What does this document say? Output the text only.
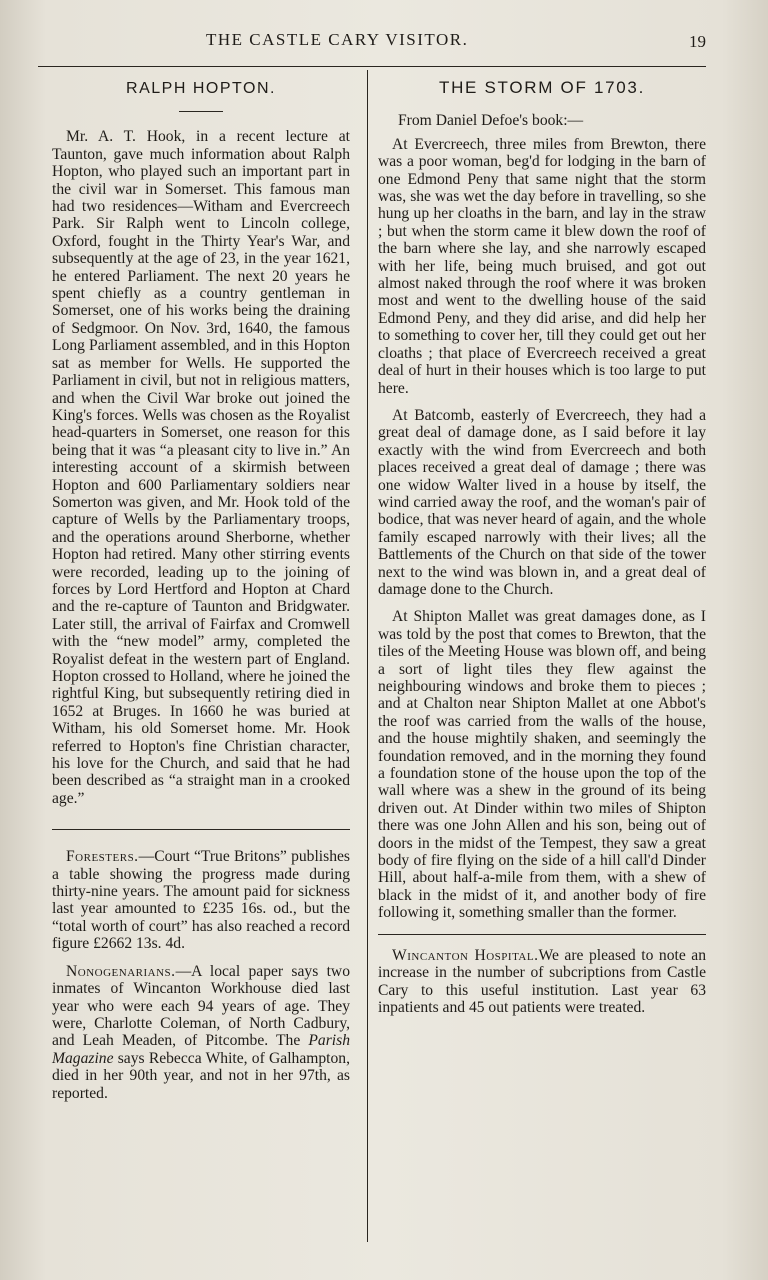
THE CASTLE CARY VISITOR.	19
RALPH HOPTON.

Mr. A. T. Hook, in a recent lecture at Taunton, gave much information about Ralph Hopton, who played such an important part in the civil war in Somerset. This famous man had two residences—Witham and Evercreech Park. Sir Ralph went to Lincoln college, Oxford, fought in the Thirty Year's War, and subsequently at the age of 23, in the year 1621, he entered Parliament. The next 20 years he spent chiefly as a country gentleman in Somerset, one of his works being the draining of Sedgmoor. On Nov. 3rd, 1640, the famous Long Parliament assembled, and in this Hopton sat as member for Wells. He supported the Parliament in civil, but not in religious matters, and when the Civil War broke out joined the King's forces. Wells was chosen as the Royalist head-quarters in Somerset, one reason for this being that it was “a pleasant city to live in.” An interesting account of a skirmish between Hopton and 600 Parliamentary soldiers near Somerton was given, and Mr. Hook told of the capture of Wells by the Parliamentary troops, and the operations around Sherborne, whether Hopton had retired. Many other stirring events were recorded, leading up to the joining of forces by Lord Hertford and Hopton at Chard and the re-capture of Taunton and Bridgwater. Later still, the arrival of Fairfax and Cromwell with the “new model” army, completed the Royalist defeat in the western part of England. Hopton crossed to Holland, where he joined the rightful King, but subsequently retiring died in 1652 at Bruges. In 1660 he was buried at Witham, his old Somerset home. Mr. Hook referred to Hopton's fine Christian character, his love for the Church, and said that he had been described as “a straight man in a crooked age.”

Foresters.—Court “True Britons” publishes a table showing the progress made during thirty-nine years. The amount paid for sickness last year amounted to £235 16s. od., but the “total worth of court” has also reached a record figure £2662 13s. 4d.

Nonogenarians.—A local paper says two inmates of Wincanton Workhouse died last year who were each 94 years of age. They were, Charlotte Coleman, of North Cadbury, and Leah Meaden, of Pitcombe. The Parish Magazine says Rebecca White, of Galhampton, died in her 90th year, and not in her 97th, as reported.

THE STORM OF 1703.

From Daniel Defoe's book:—

At Evercreech, three miles from Brewton, there was a poor woman, beg'd for lodging in the barn of one Edmond Peny that same night that the storm was, she was wet the day before in travelling, so she hung up her cloaths in the barn, and lay in the straw ; but when the storm came it blew down the roof of the barn where she lay, and she narrowly escaped with her life, being much bruised, and got out almost naked through the roof where it was broken most and went to the dwelling house of the said Edmond Peny, and they did arise, and did help her to something to cover her, till they could get out her cloaths ; that place of Evercreech received a great deal of hurt in their houses which is too large to put here.

At Batcomb, easterly of Evercreech, they had a great deal of damage done, as I said before it lay exactly with the wind from Evercreech and both places received a great deal of damage ; there was one widow Walter lived in a house by itself, the wind carried away the roof, and the woman's pair of bodice, that was never heard of again, and the whole family escaped narrowly with their lives; all the Battlements of the Church on that side of the tower next to the wind was blown in, and a great deal of damage done to the Church.

At Shipton Mallet was great damages done, as I was told by the post that comes to Brewton, that the tiles of the Meeting House was blown off, and being a sort of light tiles they flew against the neighbouring windows and broke them to pieces ; and at Chalton near Shipton Mallet at one Abbot's the roof was carried from the walls of the house, and the house mightily shaken, and seemingly the foundation removed, and in the morning they found a foundation stone of the house upon the top of the wall where was a shew in the ground of its being driven out. At Dinder within two miles of Shipton there was one John Allen and his son, being out of doors in the midst of the Tempest, they saw a great body of fire flying on the side of a hill call'd Dinder Hill, about half-a-mile from them, with a shew of black in the midst of it, and another body of fire following it, something smaller than the former.

Wincanton Hospital.We are pleased to note an increase in the number of subcriptions from Castle Cary to this useful institution. Last year 63 inpatients and 45 out patients were treated.
